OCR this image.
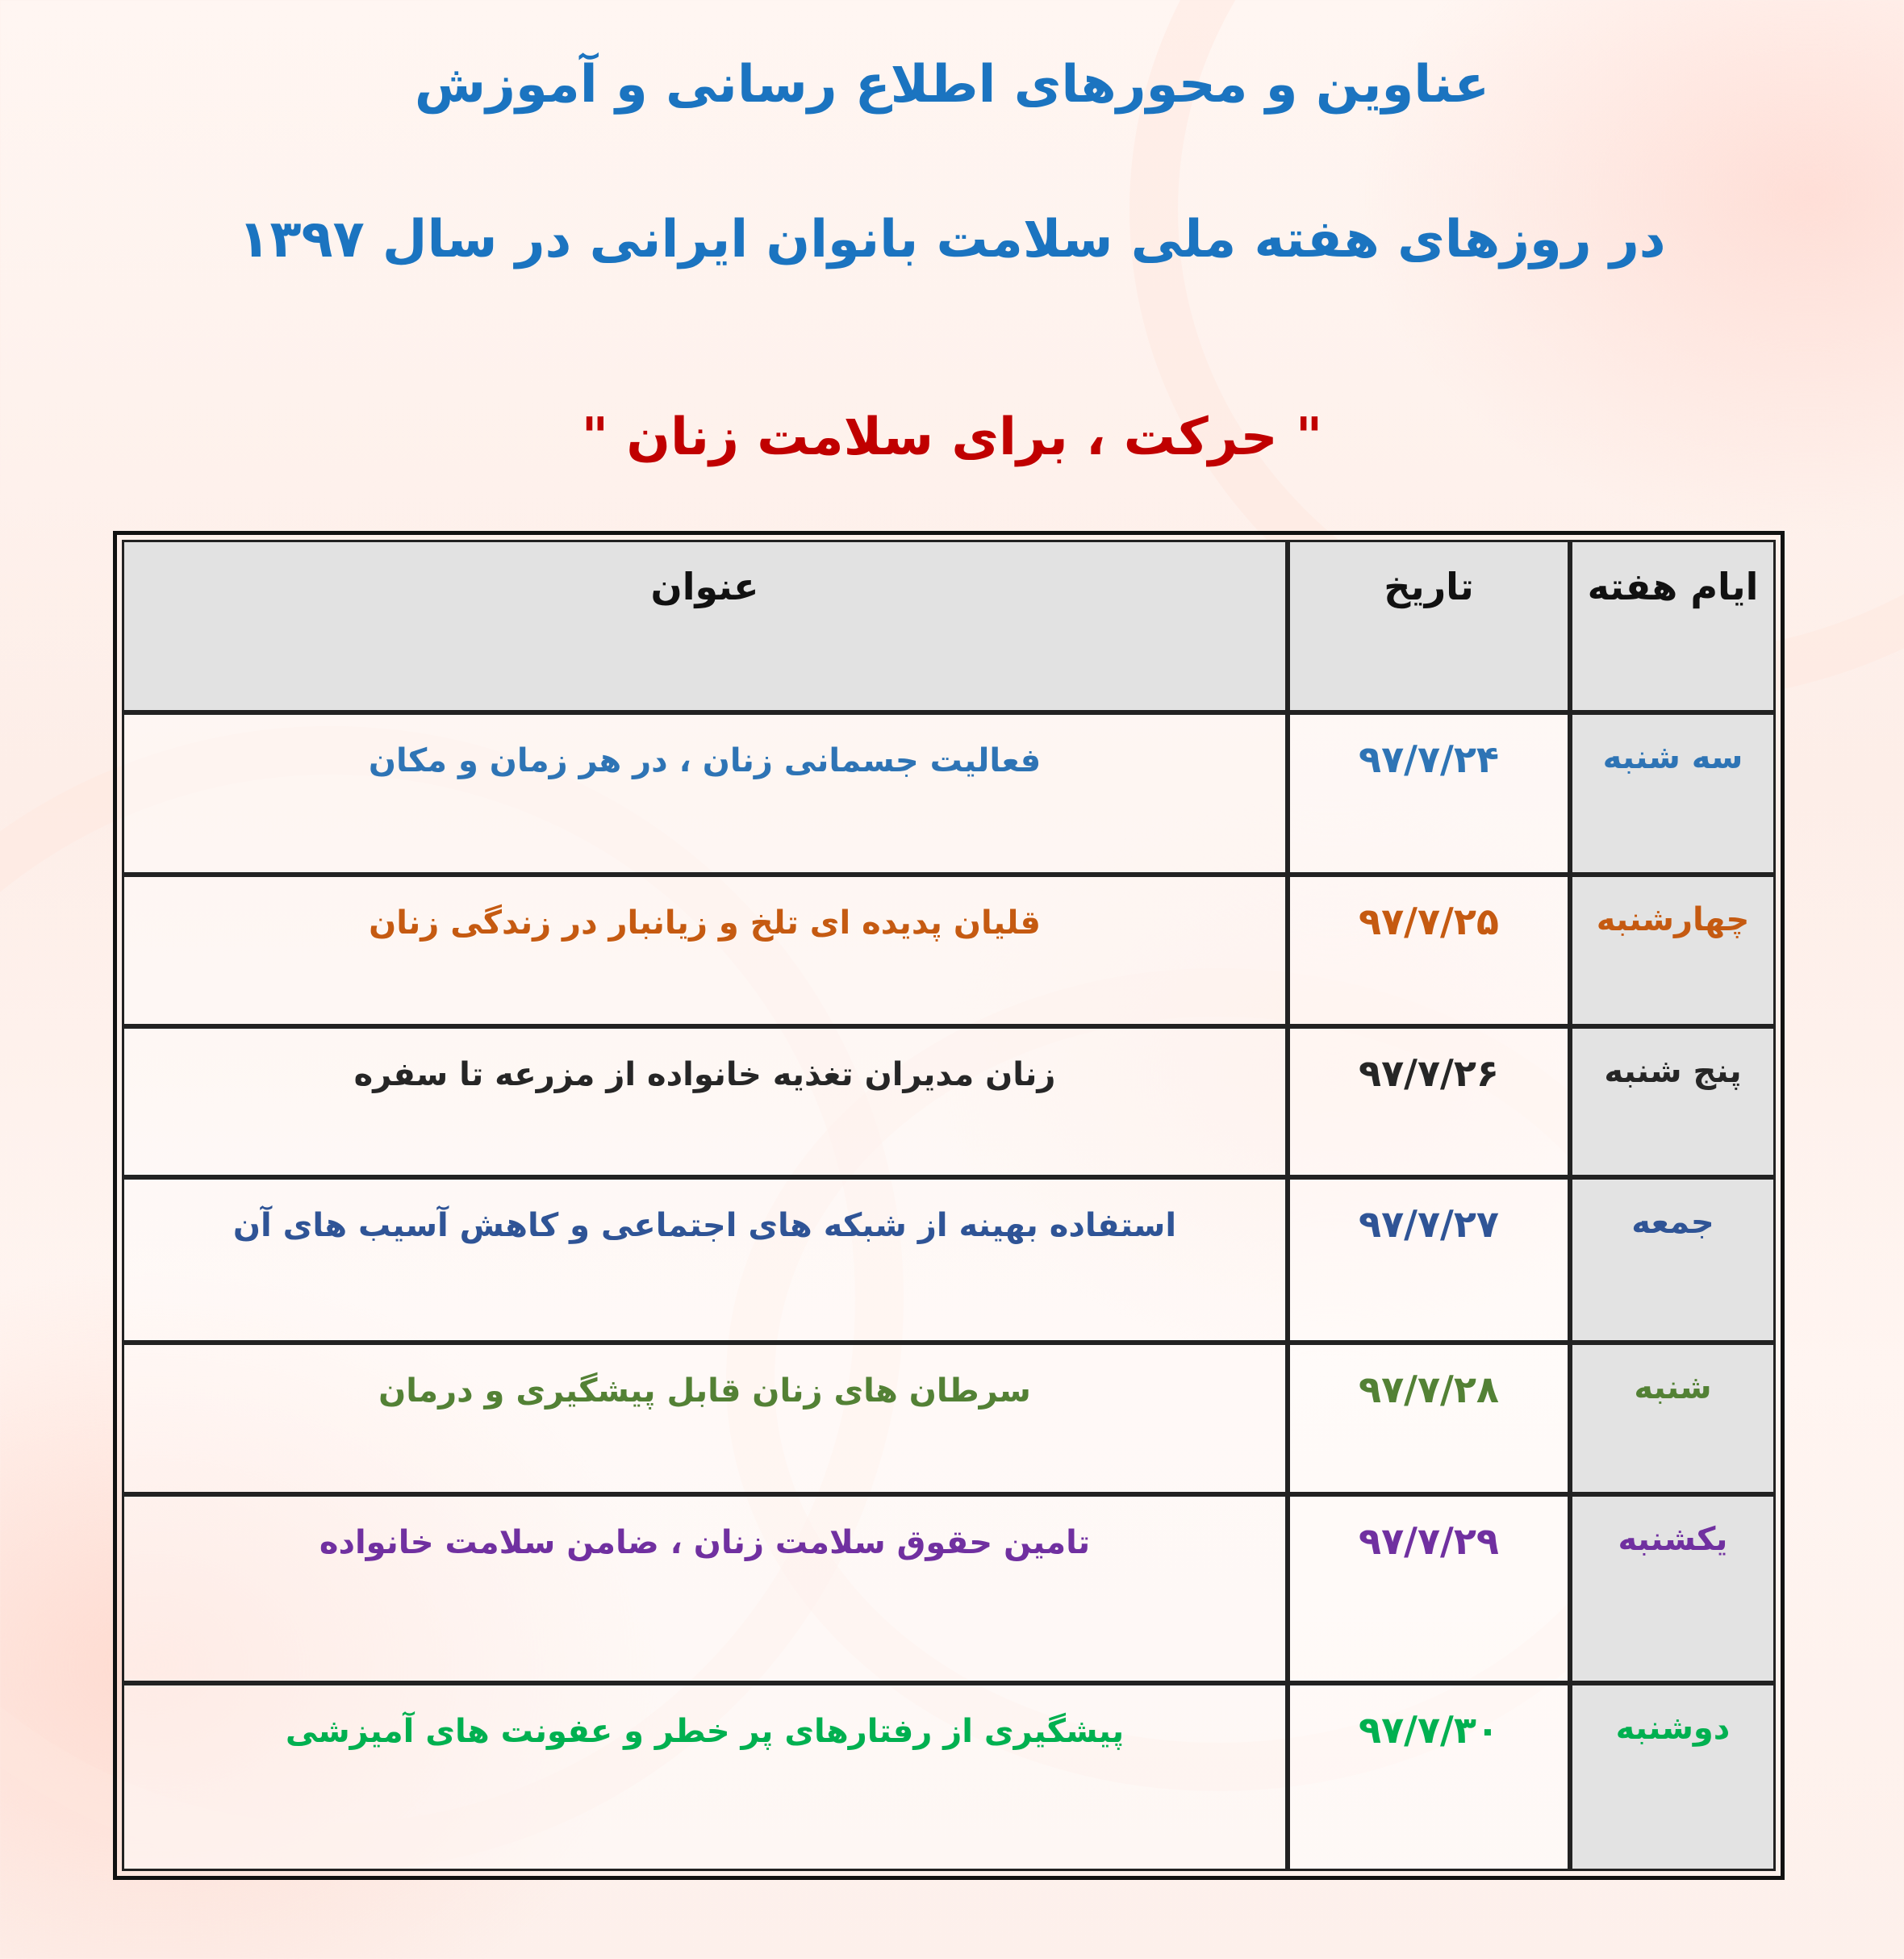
عناوین و محورهای اطلاع رسانی و آموزش
در روزهای هفته ملی سلامت بانوان ایرانی در سال ۱۳۹۷
" حرکت ، برای سلامت زنان "
ایام هفته	تاریخ	عنوان
سه شنبه	۹۷/۷/۲۴	فعالیت جسمانی زنان ، در هر زمان و مکان
چهارشنبه	۹۷/۷/۲۵	قلیان پدیده ای تلخ و زیانبار در زندگی زنان
پنج شنبه	۹۷/۷/۲۶	زنان مدیران تغذیه خانواده از مزرعه تا سفره
جمعه	۹۷/۷/۲۷	استفاده بهینه از شبکه های اجتماعی و کاهش آسیب های آن
شنبه	۹۷/۷/۲۸	سرطان های زنان قابل پیشگیری و درمان
یکشنبه	۹۷/۷/۲۹	تامین حقوق سلامت زنان ، ضامن سلامت خانواده
دوشنبه	۹۷/۷/۳۰	پیشگیری از رفتارهای پر خطر و عفونت های آمیزشی
